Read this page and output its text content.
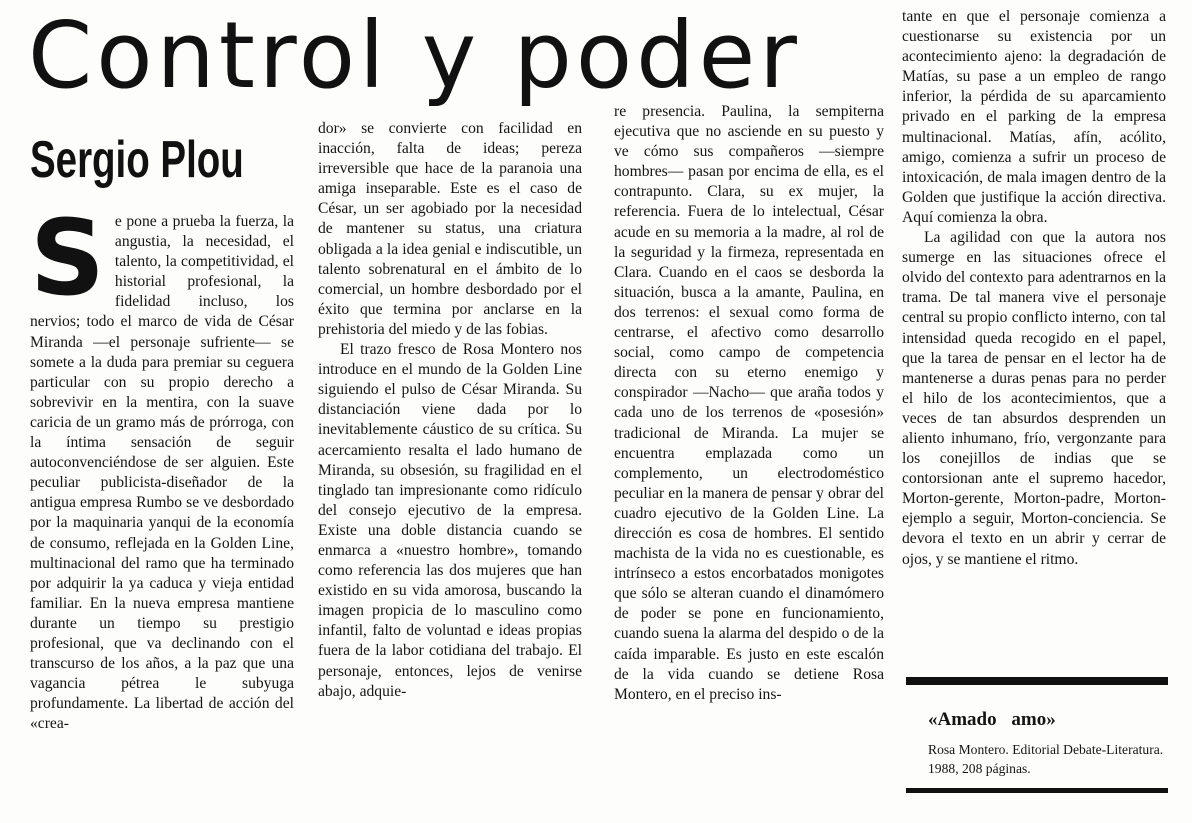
Control y poder
Sergio Plou

Se pone a prueba la fuerza, la angustia, la necesidad, el talento, la competitividad, el historial profesional, la fidelidad incluso, los nervios; todo el marco de vida de César Miranda —el personaje sufriente— se somete a la duda para premiar su ceguera particular con su propio derecho a sobrevivir en la mentira, con la suave caricia de un gramo más de prórroga, con la íntima sensación de seguir autoconvenciéndose de ser alguien. Este peculiar publicista-diseñador de la antigua empresa Rumbo se ve desbordado por la maquinaria yanqui de la economía de consumo, reflejada en la Golden Line, multinacional del ramo que ha terminado por adquirir la ya caduca y vieja entidad familiar. En la nueva empresa mantiene durante un tiempo su prestigio profesional, que va declinando con el transcurso de los años, a la paz que una vagancia pétrea le subyuga profundamente. La libertad de acción del «crea-

dor» se convierte con facilidad en inacción, falta de ideas; pereza irreversible que hace de la paranoia una amiga inseparable. Este es el caso de César, un ser agobiado por la necesidad de mantener su status, una criatura obligada a la idea genial e indiscutible, un talento sobrenatural en el ámbito de lo comercial, un hombre desbordado por el éxito que termina por anclarse en la prehistoria del miedo y de las fobias.

El trazo fresco de Rosa Montero nos introduce en el mundo de la Golden Line siguiendo el pulso de César Miranda. Su distanciación viene dada por lo inevitablemente cáustico de su crítica. Su acercamiento resalta el lado humano de Miranda, su obsesión, su fragilidad en el tinglado tan impresionante como ridículo del consejo ejecutivo de la empresa. Existe una doble distancia cuando se enmarca a «nuestro hombre», tomando como referencia las dos mujeres que han existido en su vida amorosa, buscando la imagen propicia de lo masculino como infantil, falto de voluntad e ideas propias fuera de la labor cotidiana del trabajo. El personaje, entonces, lejos de venirse abajo, adquie-

re presencia. Paulina, la sempiterna ejecutiva que no asciende en su puesto y ve cómo sus compañeros —siempre hombres— pasan por encima de ella, es el contrapunto. Clara, su ex mujer, la referencia. Fuera de lo intelectual, César acude en su memoria a la madre, al rol de la seguridad y la firmeza, representada en Clara. Cuando en el caos se desborda la situación, busca a la amante, Paulina, en dos terrenos: el sexual como forma de centrarse, el afectivo como desarrollo social, como campo de competencia directa con su eterno enemigo y conspirador —Nacho— que araña todos y cada uno de los terrenos de «posesión» tradicional de Miranda. La mujer se encuentra emplazada como un complemento, un electrodoméstico peculiar en la manera de pensar y obrar del cuadro ejecutivo de la Golden Line. La dirección es cosa de hombres. El sentido machista de la vida no es cuestionable, es intrínseco a estos encorbatados monigotes que sólo se alteran cuando el dinamómero de poder se pone en funcionamiento, cuando suena la alarma del despido o de la caída imparable. Es justo en este escalón de la vida cuando se detiene Rosa Montero, en el preciso ins-

tante en que el personaje comienza a cuestionarse su existencia por un acontecimiento ajeno: la degradación de Matías, su pase a un empleo de rango inferior, la pérdida de su aparcamiento privado en el parking de la empresa multinacional. Matías, afín, acólito, amigo, comienza a sufrir un proceso de intoxicación, de mala imagen dentro de la Golden que justifique la acción directiva. Aquí comienza la obra.

La agilidad con que la autora nos sumerge en las situaciones ofrece el olvido del contexto para adentrarnos en la trama. De tal manera vive el personaje central su propio conflicto interno, con tal intensidad queda recogido en el papel, que la tarea de pensar en el lector ha de mantenerse a duras penas para no perder el hilo de los acontecimientos, que a veces de tan absurdos desprenden un aliento inhumano, frío, vergonzante para los conejillos de indias que se contorsionan ante el supremo hacedor, Morton-gerente, Morton-padre, Morton-ejemplo a seguir, Morton-conciencia. Se devora el texto en un abrir y cerrar de ojos, y se mantiene el ritmo.

«Amado amo»

Rosa Montero. Editorial Debate-Literatura. 1988, 208 páginas.
